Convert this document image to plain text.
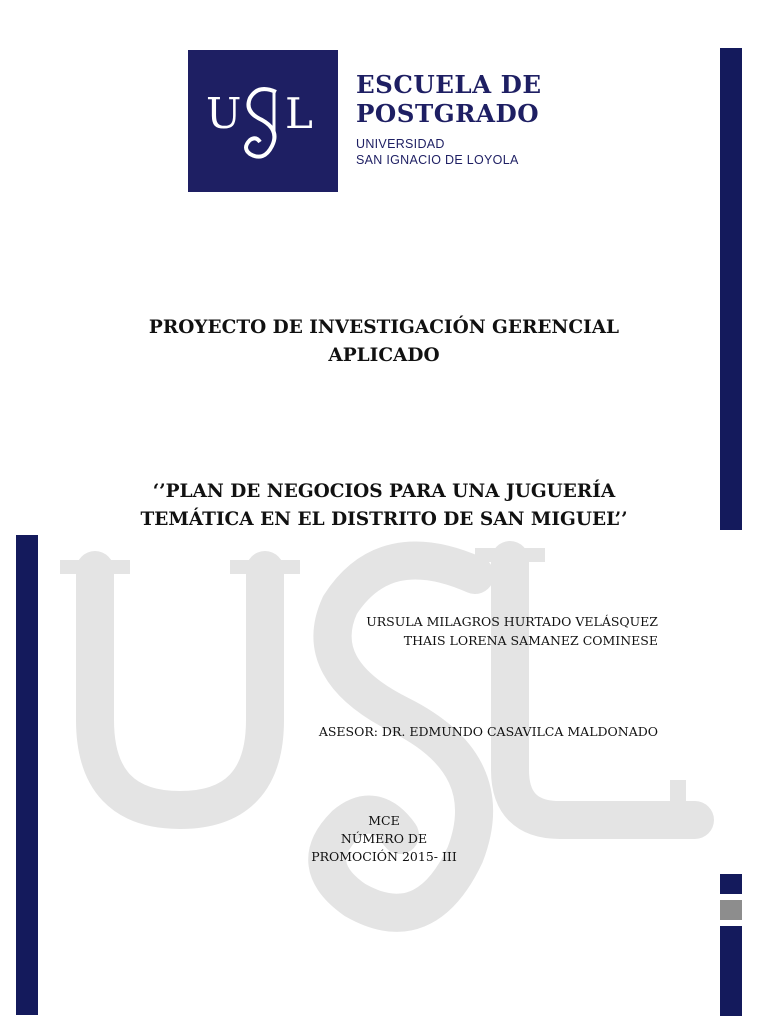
U L
ESCUELA DE
POSTGRADO
UNIVERSIDAD
SAN IGNACIO DE LOYOLA
PROYECTO DE INVESTIGACIÓN GERENCIAL
APLICADO
‘’PLAN DE NEGOCIOS PARA UNA JUGUERÍA
TEMÁTICA EN EL DISTRITO DE SAN MIGUEL’’
URSULA MILAGROS HURTADO VELÁSQUEZ
THAIS LORENA SAMANEZ COMINESE
ASESOR: DR. EDMUNDO CASAVILCA MALDONADO
MCE
NÚMERO DE
PROMOCIÓN 2015- III
